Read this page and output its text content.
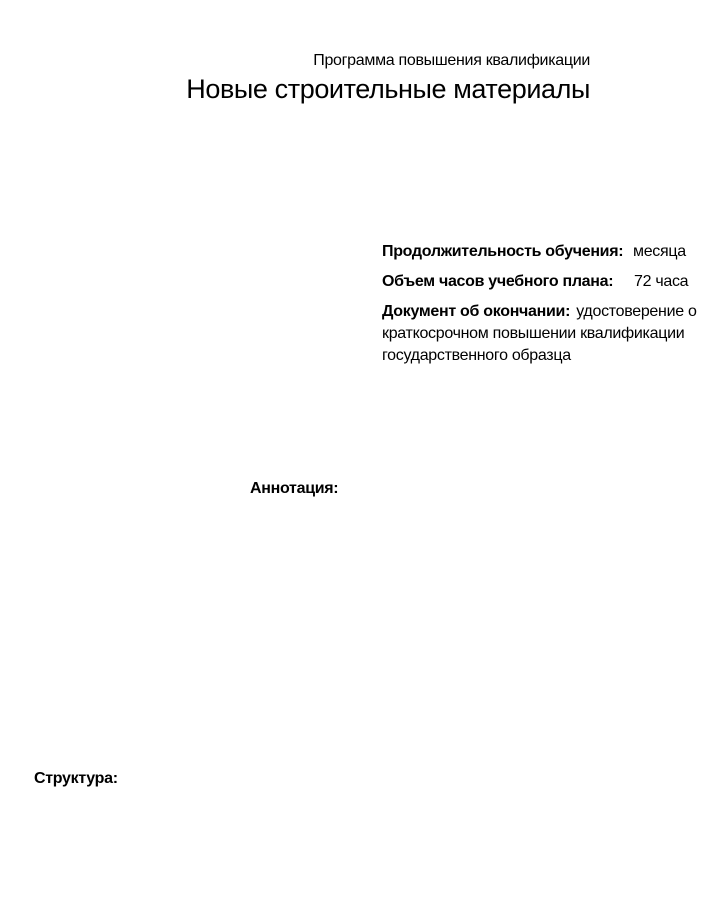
Программа повышения квалификации
Новые строительные материалы
Продолжительность обучения: месяца
Объем часов учебного плана: 72 часа
Документ об окончании: удостоверение о краткосрочном повышении квалификации государственного образца
Аннотация:
Структура:
